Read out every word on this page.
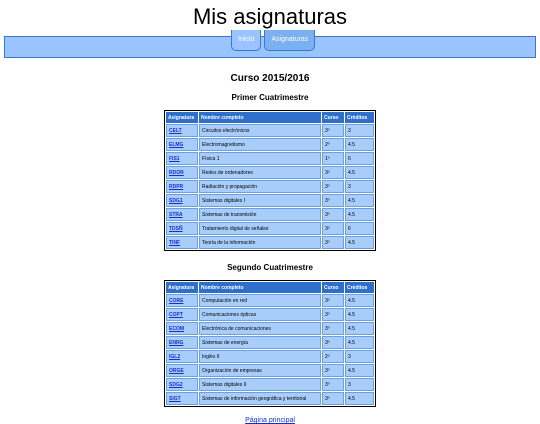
Mis asignaturas
Inicio	Asignaturas
Curso 2015/2016
Primer Cuatrimestre
Asignatura	Nombre completo	Curso	Créditos
CELT	Circuitos electrónicos	3º	3
ELMG	Electromagnetismo	2º	4.5
FIS1	Física 1	1º	6
RDOR	Redes de ordenadores	3º	4.5
RDPR	Radiación y propagación	3º	3
SDG1	Sistemas digitales I	3º	4.5
STRA	Sistemas de transmisión	3º	4.5
TDSÑ	Tratamiento digital de señales	3º	6
TINF	Teoría de la información	3º	4.5
Segundo Cuatrimestre
Asignatura	Nombre completo	Curso	Créditos
CORE	Computación en red	3º	4.5
COPT	Comunicaciones ópticas	3º	4.5
ECOM	Electrónica de comunicaciones	3º	4.5
ENRG	Sistemas de energía	3º	4.5
IGL2	Inglés II	2º	3
ORGE	Organización de empresas	3º	4.5
SDG2	Sistemas digitales II	3º	3
SIGT	Sistemas de información geográfica y territorial	3º	4.5
Página principal
